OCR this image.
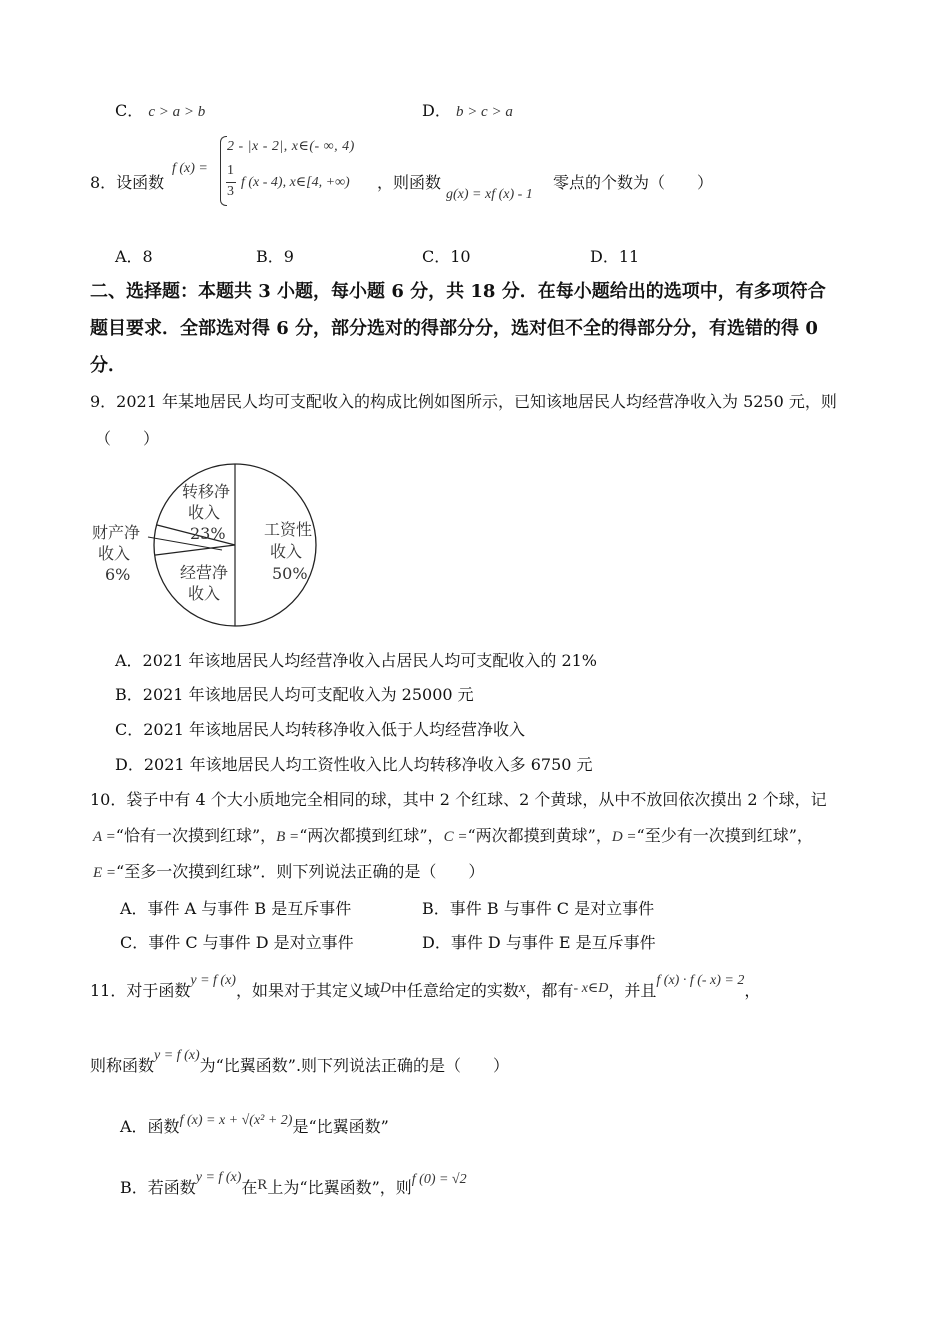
C． c > a > b	D． b > c > a
8．设函数
f (x) =
2 - |x - 2|, x∈(- ∞, 4)
1
3
f (x - 4), x∈[4, +∞) ，则函数
g(x) = xf (x) - 1
零点的个数为（　　）
A．8	B．9	C．10	D．11
二、选择题：本题共 3 小题，每小题 6 分，共 18 分．在每小题给出的选项中，有多项符合
题目要求．全部选对得 6 分，部分选对的得部分分，选对但不全的得部分分，有选错的得 0
分．
9．2021 年某地居民人均可支配收入的构成比例如图所示，已知该地居民人均经营净收入为 5250 元，则
（　　）
工资性
收入
50%
转移净
收入
23%
财产净
收入
6%	经营净
收入
A．2021 年该地居民人均经营净收入占居民人均可支配收入的 21%
B．2021 年该地居民人均可支配收入为 25000 元
C．2021 年该地居民人均转移净收入低于人均经营净收入
D．2021 年该地居民人均工资性收入比人均转移净收入多 6750 元
10．袋子中有 4 个大小质地完全相同的球，其中 2 个红球、2 个黄球，从中不放回依次摸出 2 个球，记
A =“恰有一次摸到红球”，B =“两次都摸到红球”，C =“两次都摸到黄球”，D =“至少有一次摸到红球”，
E =“至多一次摸到红球”．则下列说法正确的是（　　）
A．事件 A 与事件 B 是互斥事件	B．事件 B 与事件 C 是对立事件
C．事件 C 与事件 D 是对立事件	D．事件 D 与事件 E 是互斥事件
11．对于函数y = f (x)，如果对于其定义域D中任意给定的实数x，都有- x∈D，并且f (x) · f (- x) = 2，
则称函数y = f (x)为“比翼函数”.则下列说法正确的是（　　）
A．函数f (x) = x + √(x² + 2)是“比翼函数”
B．若函数y = f (x)在R上为“比翼函数”，则f (0) = √2
